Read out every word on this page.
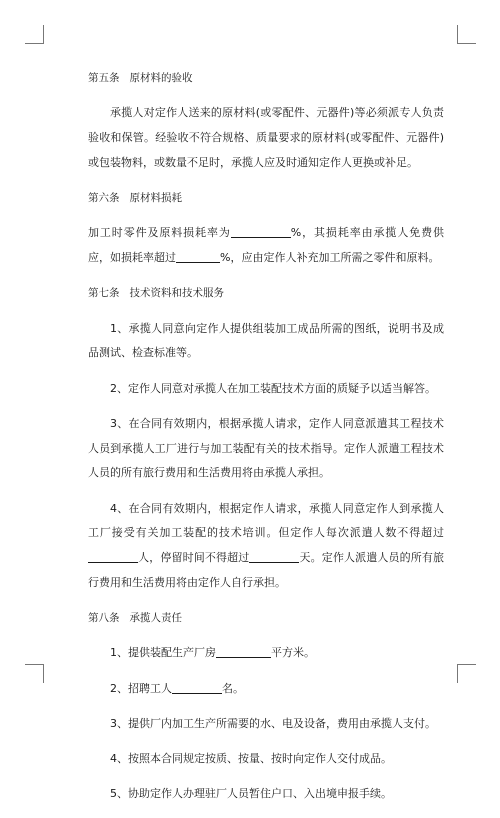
第五条 原材料的验收

承揽人对定作人送来的原材料(或零配件、元器件)等必须派专人负责验收和保管。经验收不符合规格、质量要求的原材料(或零配件、元器件)或包装物料，或数量不足时，承揽人应及时通知定作人更换或补足。

第六条 原材料损耗

加工时零件及原料损耗率为	%，其损耗率由承揽人免费供应，如损耗率超过	%，应由定作人补充加工所需之零件和原料。

第七条 技术资料和技术服务

1、承揽人同意向定作人提供组装加工成品所需的图纸，说明书及成品测试、检查标准等。

2、定作人同意对承揽人在加工装配技术方面的质疑予以适当解答。

3、在合同有效期内，根据承揽人请求，定作人同意派遣其工程技术人员到承揽人工厂进行与加工装配有关的技术指导。定作人派遣工程技术人员的所有旅行费用和生活费用将由承揽人承担。

4、在合同有效期内，根据定作人请求，承揽人同意定作人到承揽人工厂接受有关加工装配的技术培训。但定作人每次派遣人数不得超过人，停留时间不得超过	天。定作人派遣人员的所有旅行费用和生活费用将由定作人自行承担。

第八条 承揽人责任

1、提供装配生产厂房	平方米。

2、招聘工人	名。

3、提供厂内加工生产所需要的水、电及设备，费用由承揽人支付。

4、按照本合同规定按质、按量、按时向定作人交付成品。

5、协助定作人办理驻厂人员暂住户口、入出境申报手续。
